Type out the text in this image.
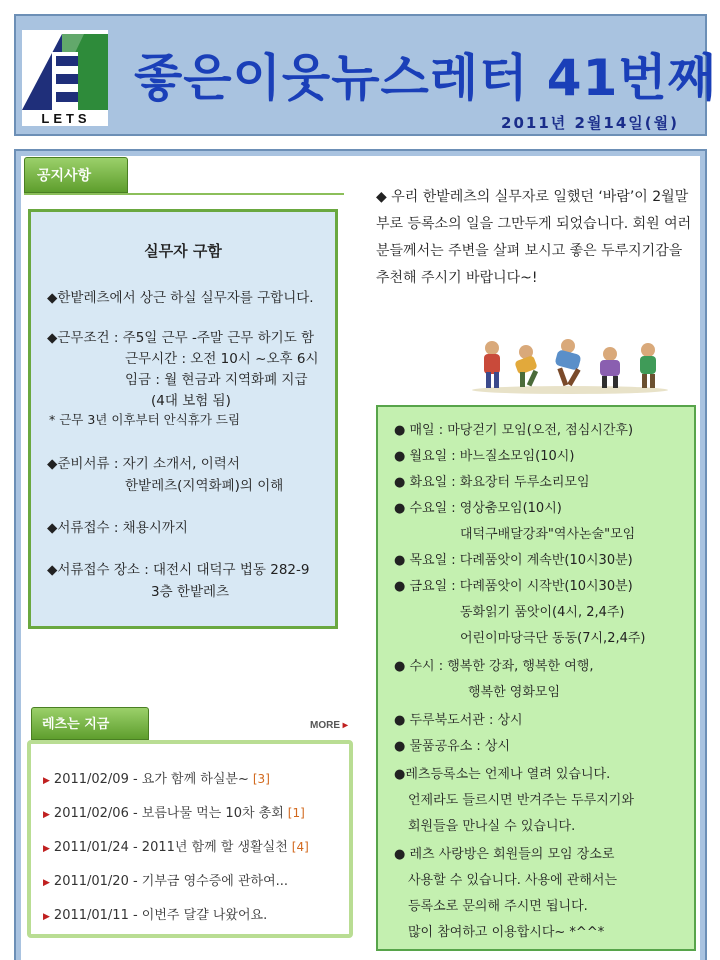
LETS
좋은이웃뉴스레터 41번째
2011년 2월14일(월)
공지사항
실무자 구함
◆한밭레츠에서 상근 하실 실무자를 구합니다.
◆근무조건 : 주5일 근무 -주말 근무 하기도 함
근무시간 : 오전 10시 ~오후 6시
임금 : 월 현금과 지역화폐 지급
(4대 보험 됨)
* 근무 3년 이후부터 안식휴가 드림
◆준비서류 : 자기 소개서, 이력서
한밭레츠(지역화폐)의 이해
◆서류접수 : 채용시까지
◆서류접수 장소 : 대전시 대덕구 법동 282-9
3층 한밭레츠
◆ 우리 한밭레츠의 실무자로 일했던 ‘바람’이 2월말부로 등록소의 일을 그만두게 되었습니다. 회원 여러분들께서는 주변을 살펴 보시고 좋은 두루지기감을 추천해 주시기 바랍니다~!
● 매일 : 마당걷기 모임(오전, 점심시간후)
● 월요일 : 바느질소모임(10시)
● 화요일 : 화요장터 두루소리모임
● 수요일 : 영상춤모임(10시)
대덕구배달강좌"역사논술"모임
● 목요일 : 다례품앗이 계속반(10시30분)
● 금요일 : 다례품앗이 시작반(10시30분)
동화읽기 품앗이(4시, 2,4주)
어린이마당극단 동동(7시,2,4주)
● 수시 : 행복한 강좌, 행복한 여행,
행복한 영화모임
● 두루북도서관 : 상시
● 물품공유소 : 상시
●레츠등록소는 언제나 열려 있습니다.
언제라도 들르시면 반겨주는 두루지기와
회원들을 만나실 수 있습니다.
● 레츠 사랑방은 회원들의 모임 장소로
사용할 수 있습니다. 사용에 관해서는
등록소로 문의해 주시면 됩니다.
많이 참여하고 이용합시다~ *^^*
레츠는 지금	MORE ▸
▶ 2011/02/09 - 요가 함께 하실분~ [3]
▶ 2011/02/06 - 보름나물 먹는 10차 총회 [1]
▶ 2011/01/24 - 2011년 함께 할 생활실천 [4]
▶ 2011/01/20 - 기부금 영수증에 관하여...
▶ 2011/01/11 - 이번주 달걀 나왔어요.
